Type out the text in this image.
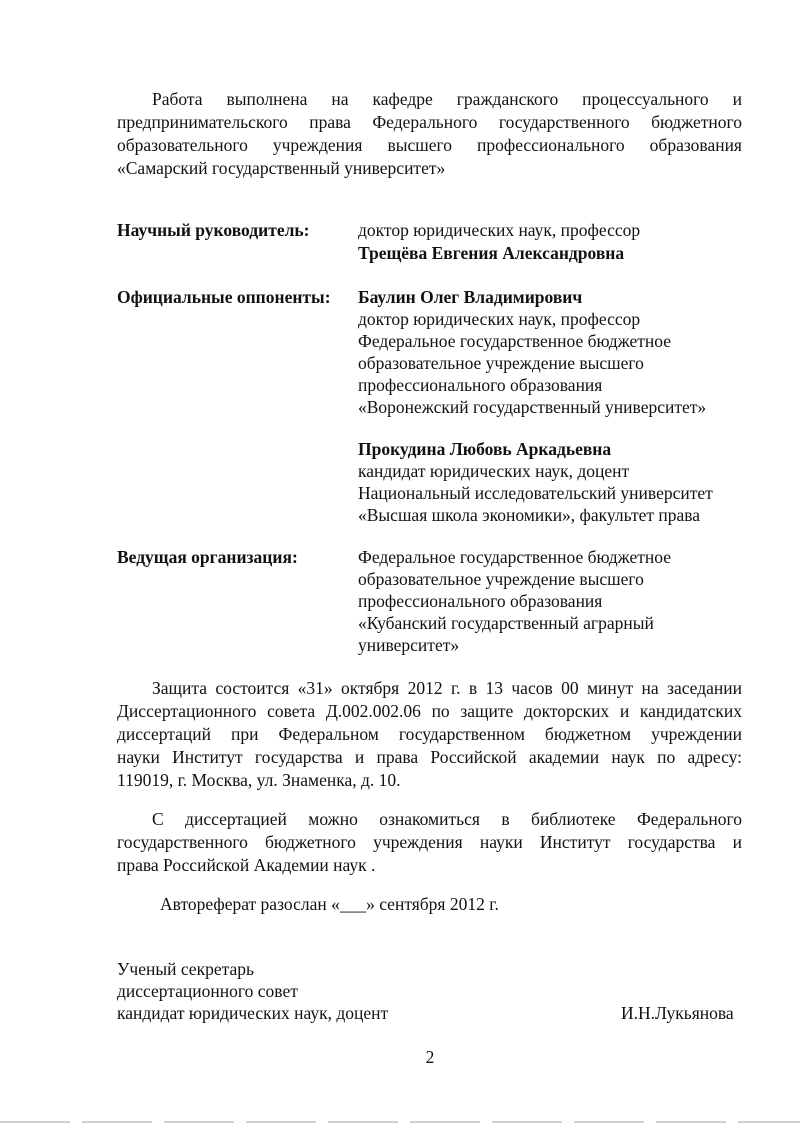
Работа выполнена на кафедре гражданского процессуального и
предпринимательского права Федерального государственного бюджетного
образовательного учреждения высшего профессионального образования
«Самарский государственный университет»
Научный руководитель:	доктор юридических наук, профессор
Трещёва Евгения Александровна
Официальные оппоненты: Баулин Олег Владимирович
доктор юридических наук, профессор
Федеральное государственное бюджетное
образовательное учреждение высшего
профессионального образования
«Воронежский государственный университет»
Прокудина Любовь Аркадьевна
кандидат юридических наук, доцент
Национальный исследовательский университет
«Высшая школа экономики», факультет права
Ведущая организация:	Федеральное государственное бюджетное
образовательное учреждение высшего
профессионального образования
«Кубанский государственный аграрный
университет»
Защита состоится «31» октября 2012 г. в 13 часов 00 минут на заседании
Диссертационного совета Д.002.002.06 по защите докторских и кандидатских
диссертаций при Федеральном государственном бюджетном учреждении
науки Институт государства и права Российской академии наук по адресу:
119019, г. Москва, ул. Знаменка, д. 10.
С диссертацией можно ознакомиться в библиотеке Федерального
государственного бюджетного учреждения науки Институт государства и
права Российской Академии наук .
Автореферат разослан «___» сентября 2012 г.
Ученый секретарь
диссертационного совет
кандидат юридических наук, доцент	И.Н.Лукьянова
2
